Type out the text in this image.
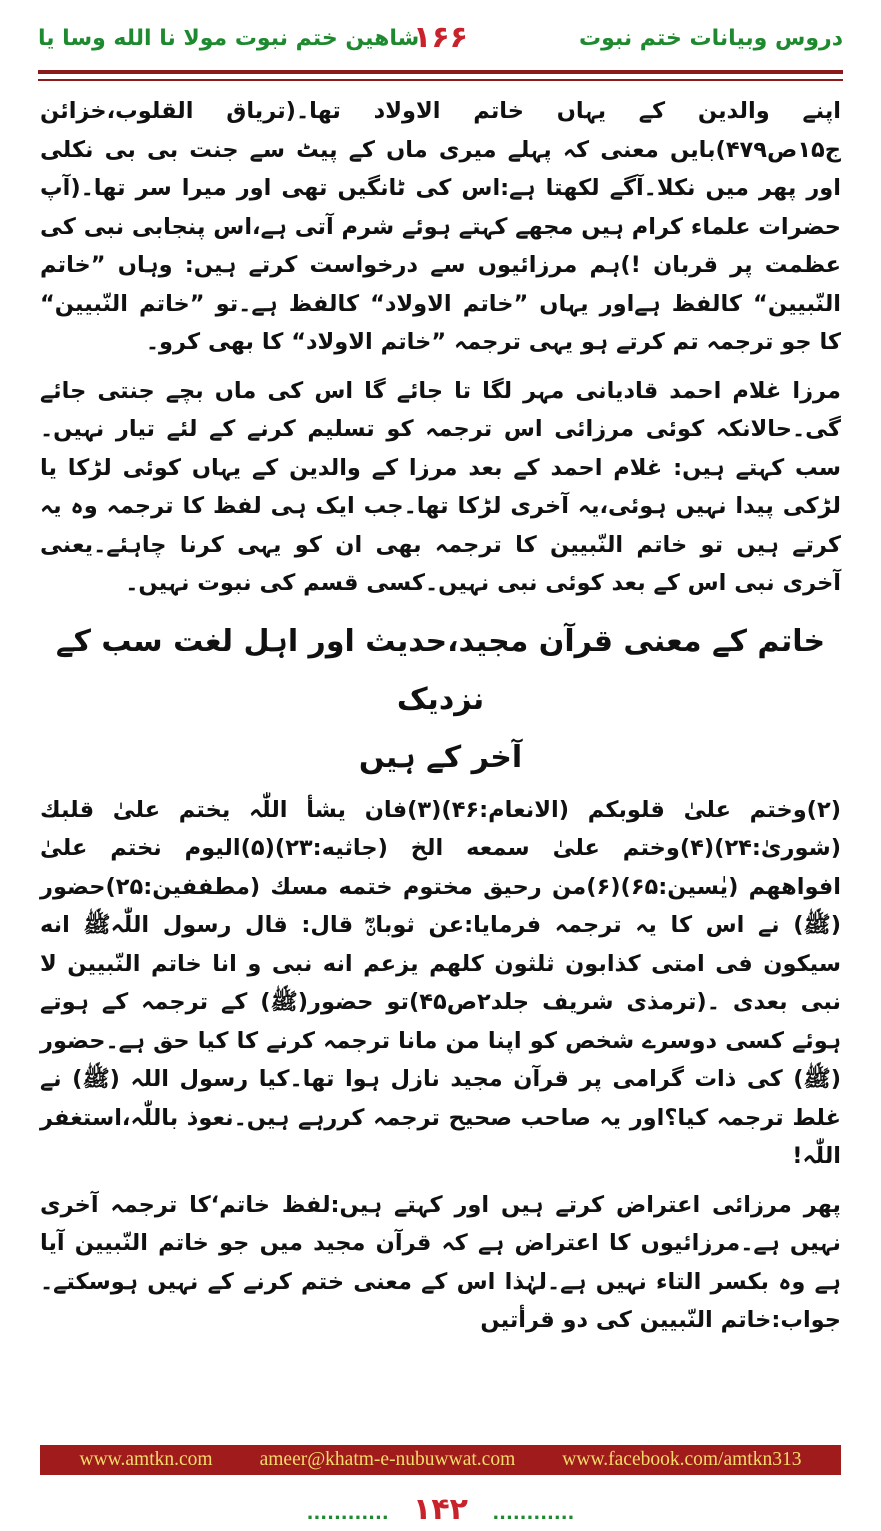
دروس وبیانات ختم نبوت
۱۶۶
شاهین ختم نبوت مولا نا الله وسا یا

اپنے والدین کے یہاں خاتم الاولاد تھا۔(تریاق القلوب،خزائن ج۱۵ص۴۷۹)بایں معنی کہ پہلے میری ماں کے پیٹ سے جنت بی بی نکلی اور پھر میں نکلا۔آگے لکھتا ہے:اس کی ٹانگیں تھی اور میرا سر تھا۔(آپ حضرات علماء کرام ہیں مجھے کہتے ہوئے شرم آتی ہے،اس پنجابی نبی کی عظمت پر قربان !)ہم مرزائیوں سے درخواست کرتے ہیں: وہاں ”خاتم النّبیین“ کالفظ ہےاور یہاں ”خاتم الاولاد“ کالفظ ہے۔تو ”خاتم النّبیین“ کا جو ترجمہ تم کرتے ہو یہی ترجمہ ”خاتم الاولاد“ کا بھی کرو۔

مرزا غلام احمد قادیانی مہر لگا تا جائے گا اس کی ماں بچے جنتی جائے گی۔حالانکہ کوئی مرزائی اس ترجمہ کو تسلیم کرنے کے لئے تیار نہیں۔سب کہتے ہیں: غلام احمد کے بعد مرزا کے والدین کے یہاں کوئی لڑکا یا لڑکی پیدا نہیں ہوئی،یہ آخری لڑکا تھا۔جب ایک ہی لفظ کا ترجمہ وہ یہ کرتے ہیں تو خاتم النّبیین کا ترجمہ بھی ان کو یہی کرنا چاہئے۔یعنی آخری نبی اس کے بعد کوئی نبی نہیں۔کسی قسم کی نبوت نہیں۔

خاتم کے معنی قرآن مجید،حدیث اور اہل لغت سب کے نزدیک
آخر کے ہیں

(۲)وختم علیٰ قلوبکم (الانعام:۴۶)(۳)فان یشأ اللّٰہ یختم علیٰ قلبك (شوریٰ:۲۴)(۴)وختم علیٰ سمعه الخ (جاثیه:۲۳)(۵)الیوم نختم علیٰ افواهھم (یٰسین:۶۵)(۶)من رحیق مختوم ختمه مسك (مطففین:۲۵)حضور (ﷺ) نے اس کا یہ ترجمہ فرمایا:عن ثوبانؓ قال: قال رسول اللّٰہﷺ انه سیکون فی امتی کذابون ثلثون کلھم یزعم انه نبی و انا خاتم النّبیین لا نبی بعدی ۔(ترمذی شریف جلد۲ص۴۵)تو حضور(ﷺ) کے ترجمہ کے ہوتے ہوئے کسی دوسرے شخص کو اپنا من مانا ترجمہ کرنے کا کیا حق ہے۔حضور (ﷺ) کی ذات گرامی پر قرآن مجید نازل ہوا تھا۔کیا رسول اللہ (ﷺ) نے غلط ترجمہ کیا؟اور یہ صاحب صحیح ترجمہ کررہے ہیں۔نعوذ باللّٰہ،استغفر اللّٰہ!

پھر مرزائی اعتراض کرتے ہیں اور کہتے ہیں:لفظ خاتم‘کا ترجمہ آخری نہیں ہے۔مرزائیوں کا اعتراض ہے کہ قرآن مجید میں جو خاتم النّبیین آیا ہے وہ بکسر التاء نہیں ہے۔لہٰذا اس کے معنی ختم کرنے کے نہیں ہوسکتے۔جواب:خاتم النّبیین کی دو قرأتیں

www.amtkn.com ameer@khatm-e-nubuwwat.com www.facebook.com/amtkn313
............ ۱۴۲ ............
